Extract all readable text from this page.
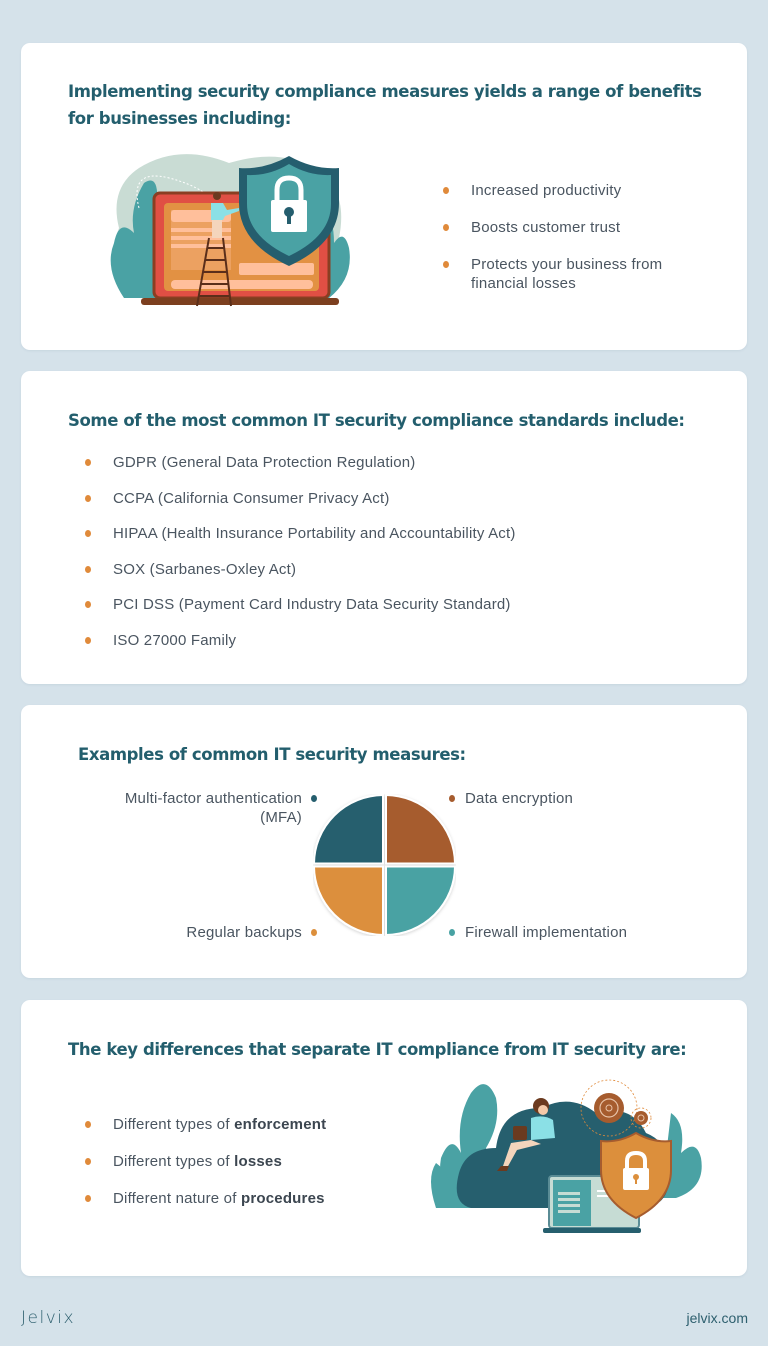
Implementing security compliance measures yields a range of benefits
for businesses including:
Increased productivity
Boosts customer trust
Protects your business from financial losses
Some of the most common IT security compliance standards include:
GDPR (General Data Protection Regulation)
CCPA (California Consumer Privacy Act)
HIPAA (Health Insurance Portability and Accountability Act)
SOX (Sarbanes-Oxley Act)
PCI DSS (Payment Card Industry Data Security Standard)
ISO 27000 Family
Examples of common IT security measures:
Multi-factor authentication
(MFA)
Data encryption
Regular backups	Firewall implementation
The key differences that separate IT compliance from IT security are:
Different types of enforcement
Different types of losses
Different nature of procedures
Jelvix	jelvix.com
